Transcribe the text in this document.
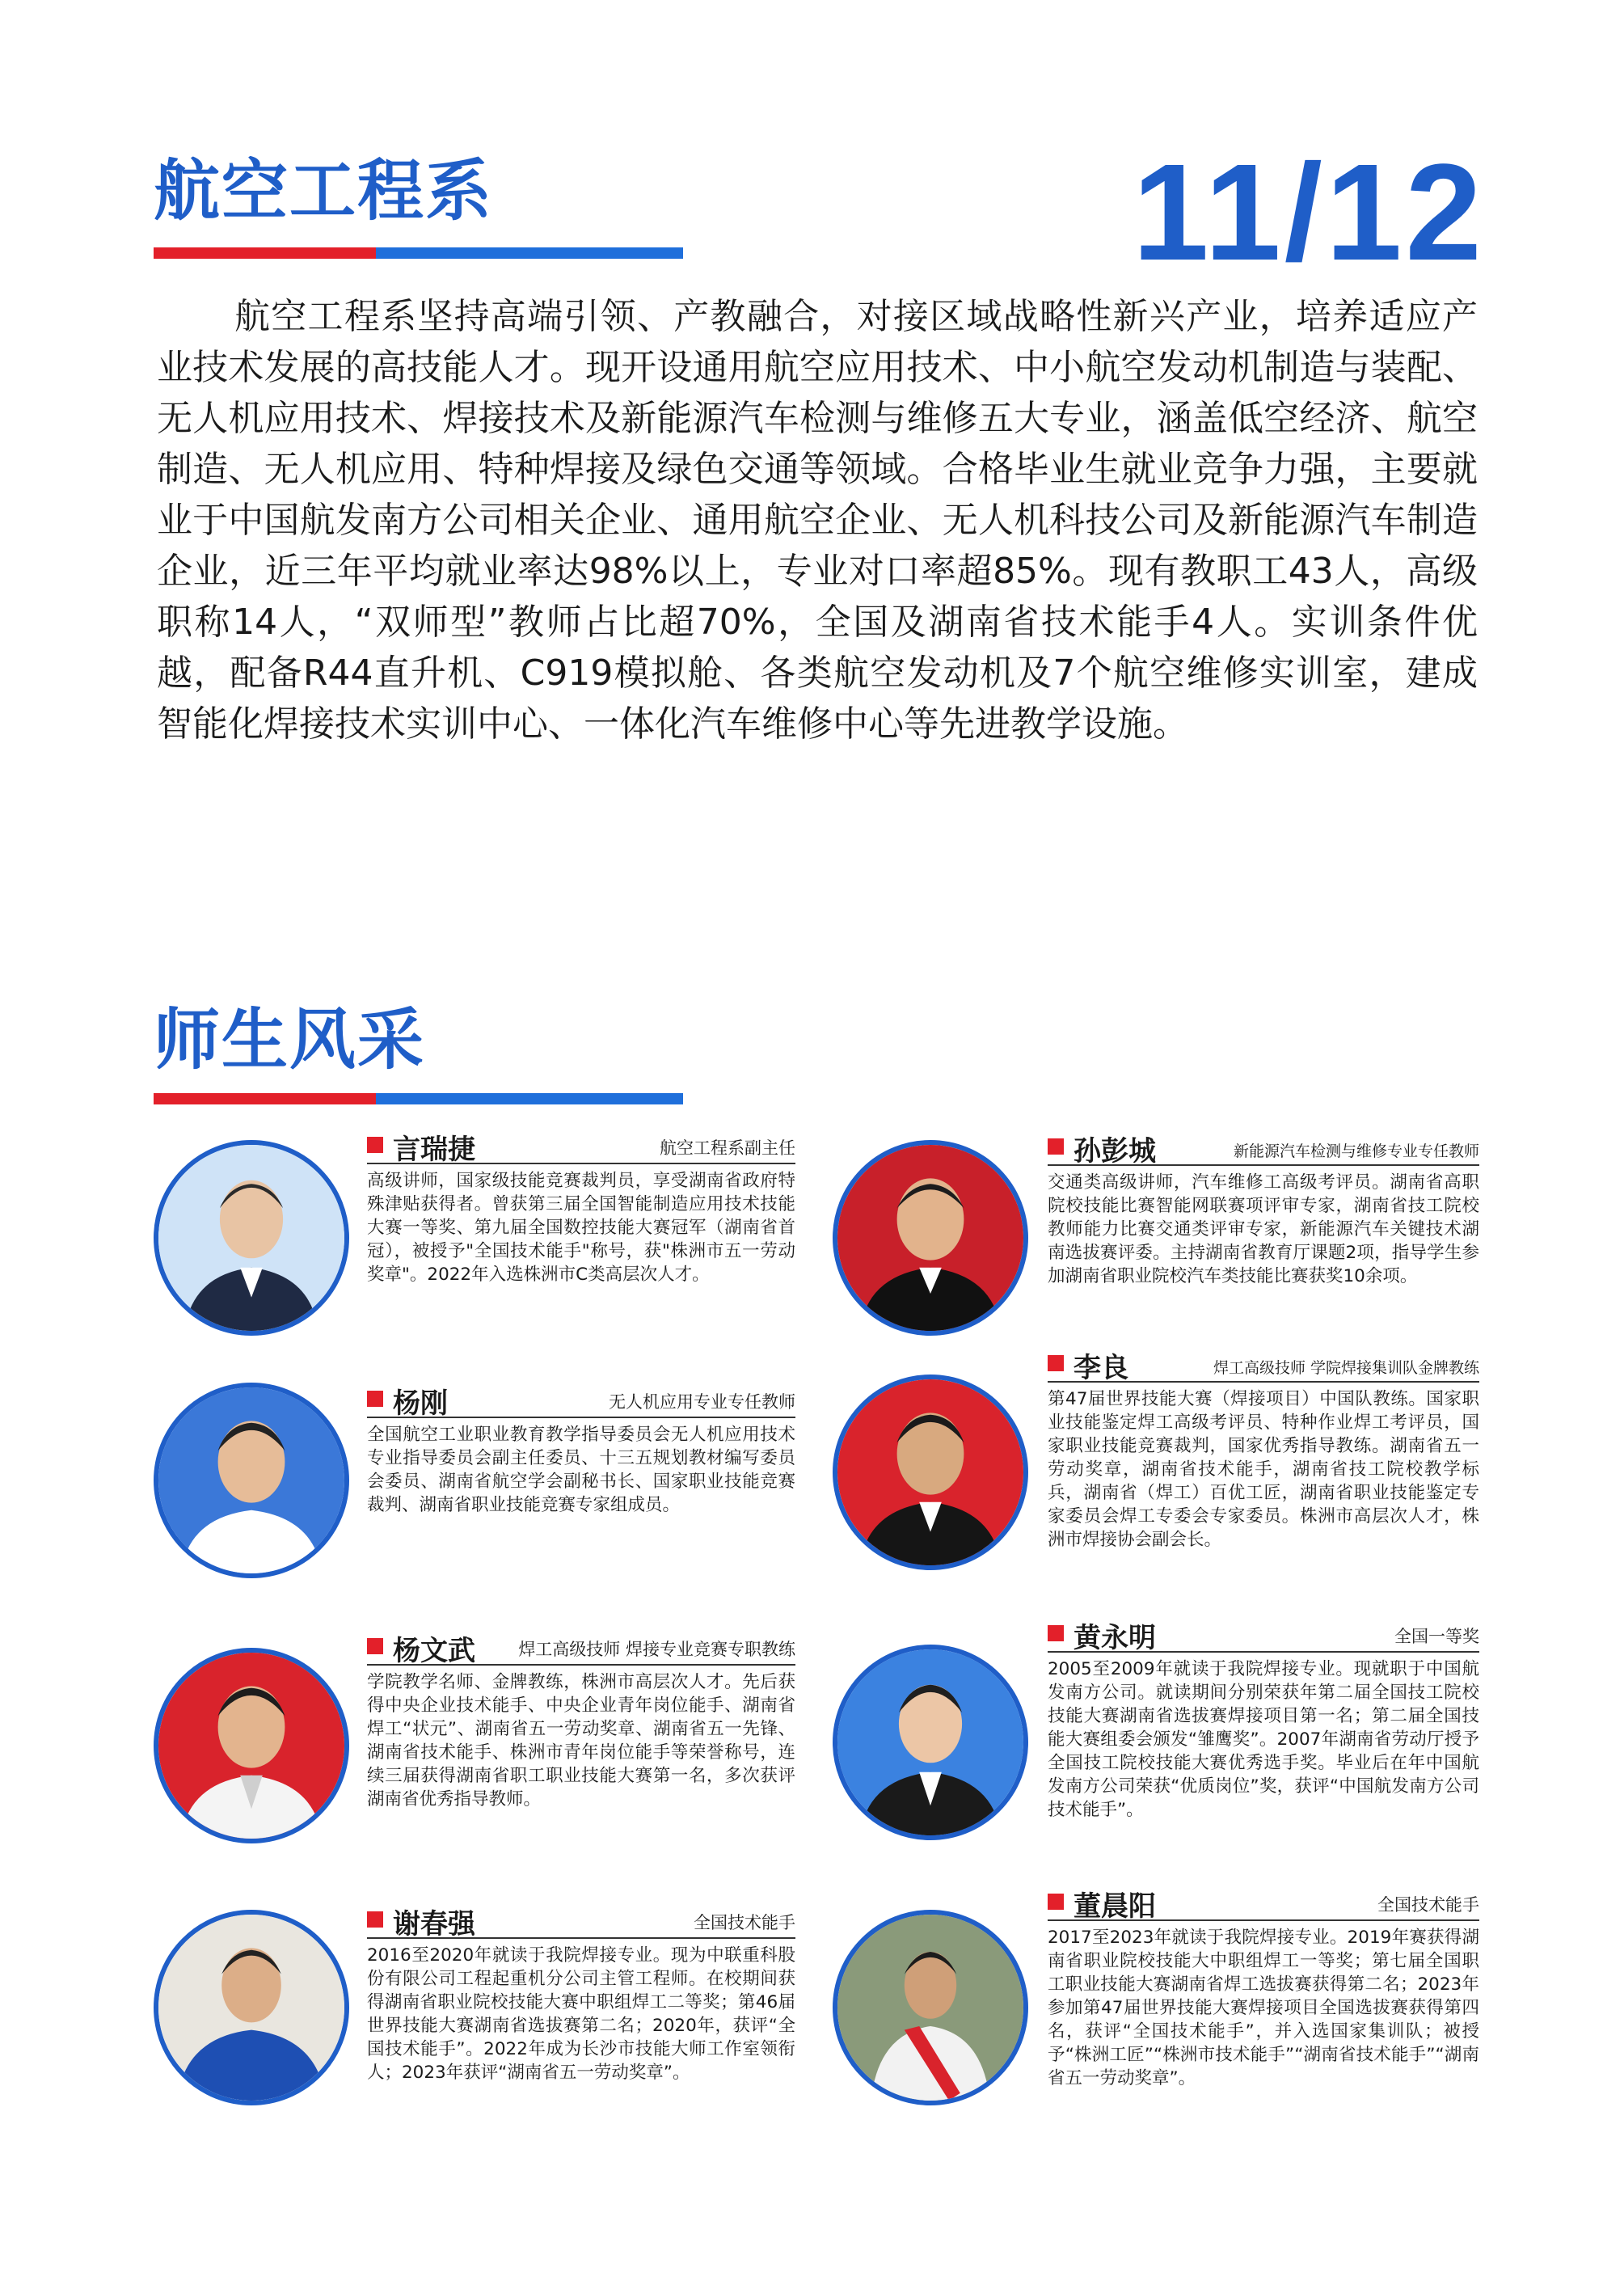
航空工程系	11/12

航空工程系坚持高端引领、产教融合，对接区域战略性新兴产业，培养适应产业技术发展的高技能人才。现开设通用航空应用技术、中小航空发动机制造与装配、无人机应用技术、焊接技术及新能源汽车检测与维修五大专业，涵盖低空经济、航空制造、无人机应用、特种焊接及绿色交通等领域。合格毕业生就业竞争力强，主要就业于中国航发南方公司相关企业、通用航空企业、无人机科技公司及新能源汽车制造企业，近三年平均就业率达98%以上，专业对口率超85%。现有教职工43人，高级职称14人，“双师型”教师占比超70%，全国及湖南省技术能手4人。实训条件优越，配备R44直升机、C919模拟舱、各类航空发动机及7个航空维修实训室，建成智能化焊接技术实训中心、一体化汽车维修中心等先进教学设施。

师生风采
言瑞捷	航空工程系副主任
高级讲师，国家级技能竞赛裁判员，享受湖南省政府特殊津贴获得者。曾获第三届全国智能制造应用技术技能大赛一等奖、第九届全国数控技能大赛冠军（湖南省首冠），被授予"全国技术能手"称号，获"株洲市五一劳动奖章"。2022年入选株洲市C类高层次人才。
杨刚	无人机应用专业专任教师
全国航空工业职业教育教学指导委员会无人机应用技术专业指导委员会副主任委员、十三五规划教材编写委员会委员、湖南省航空学会副秘书长、国家职业技能竞赛裁判、湖南省职业技能竞赛专家组成员。
杨文武	焊工高级技师 焊接专业竞赛专职教练
学院教学名师、金牌教练，株洲市高层次人才。先后获得中央企业技术能手、中央企业青年岗位能手、湖南省焊工“状元”、湖南省五一劳动奖章、湖南省五一先锋、湖南省技术能手、株洲市青年岗位能手等荣誉称号，连续三届获得湖南省职工职业技能大赛第一名，多次获评湖南省优秀指导教师。
谢春强	全国技术能手
2016至2020年就读于我院焊接专业。现为中联重科股份有限公司工程起重机分公司主管工程师。在校期间获得湖南省职业院校技能大赛中职组焊工二等奖；第46届世界技能大赛湖南省选拔赛第二名；2020年，获评“全国技术能手”。2022年成为长沙市技能大师工作室领衔人；2023年获评“湖南省五一劳动奖章”。
孙彭城	新能源汽车检测与维修专业专任教师
交通类高级讲师，汽车维修工高级考评员。湖南省高职院校技能比赛智能网联赛项评审专家，湖南省技工院校教师能力比赛交通类评审专家，新能源汽车关键技术湖南选拔赛评委。主持湖南省教育厅课题2项，指导学生参加湖南省职业院校汽车类技能比赛获奖10余项。
李良	焊工高级技师 学院焊接集训队金牌教练
第47届世界技能大赛（焊接项目）中国队教练。国家职业技能鉴定焊工高级考评员、特种作业焊工考评员，国家职业技能竞赛裁判，国家优秀指导教练。湖南省五一劳动奖章，湖南省技术能手，湖南省技工院校教学标兵，湖南省（焊工）百优工匠，湖南省职业技能鉴定专家委员会焊工专委会专家委员。株洲市高层次人才，株洲市焊接协会副会长。
黄永明	全国一等奖
2005至2009年就读于我院焊接专业。现就职于中国航发南方公司。就读期间分别荣获年第二届全国技工院校技能大赛湖南省选拔赛焊接项目第一名；第二届全国技能大赛组委会颁发“雏鹰奖”。2007年湖南省劳动厅授予全国技工院校技能大赛优秀选手奖。毕业后在年中国航发南方公司荣获“优质岗位”奖，获评“中国航发南方公司技术能手”。
董晨阳	全国技术能手
2017至2023年就读于我院焊接专业。2019年赛获得湖南省职业院校技能大中职组焊工一等奖；第七届全国职工职业技能大赛湖南省焊工选拔赛获得第二名；2023年参加第47届世界技能大赛焊接项目全国选拔赛获得第四名，获评“全国技术能手”，并入选国家集训队；被授予“株洲工匠”“株洲市技术能手”“湖南省技术能手”“湖南省五一劳动奖章”。
